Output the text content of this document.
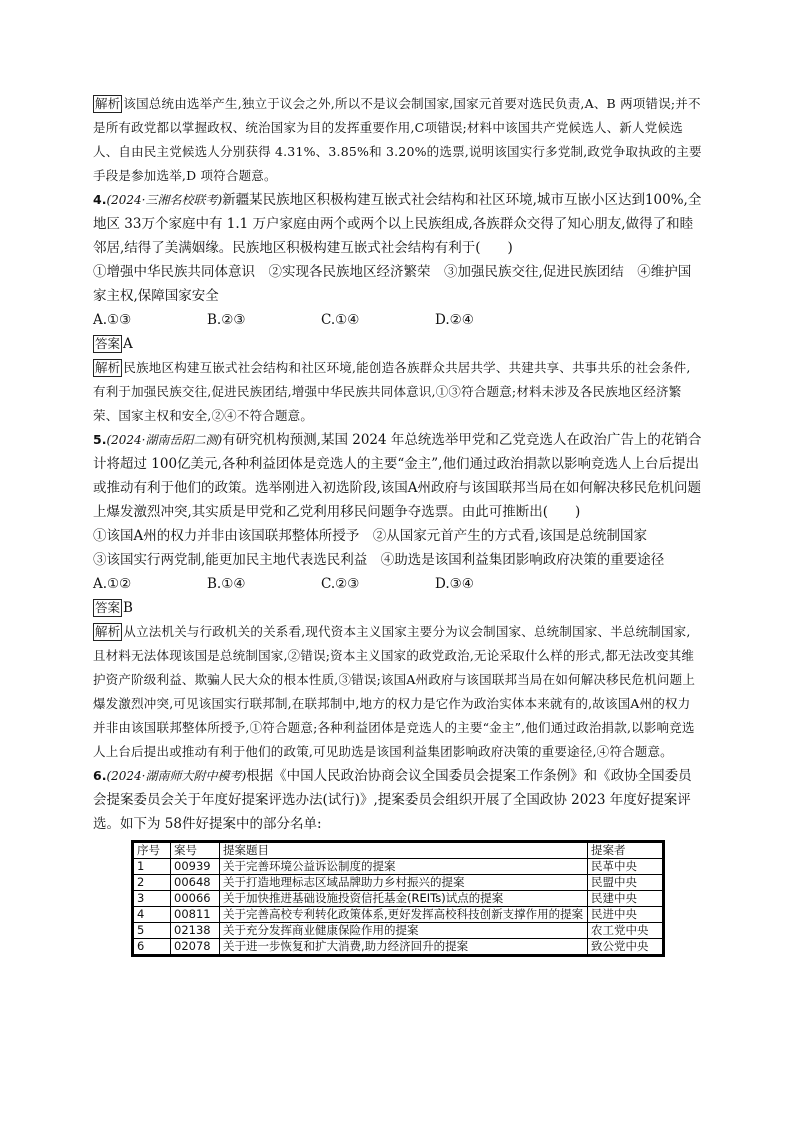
解析 该国总统由选举产生,独立于议会之外,所以不是议会制国家,国家元首要对选民负责,A、B 两项错误;并不是所有政党都以掌握政权、统治国家为目的发挥重要作用,C项错误;材料中该国共产党候选人、新人党候选人、自由民主党候选人分别获得 4.31%、3.85%和 3.20%的选票,说明该国实行多党制,政党争取执政的主要手段是参加选举,D 项符合题意。

4.(2024·三湘名校联考)新疆某民族地区积极构建互嵌式社会结构和社区环境,城市互嵌小区达到100%,全地区 33万个家庭中有 1.1 万户家庭由两个或两个以上民族组成,各族群众交得了知心朋友,做得了和睦邻居,结得了美满姻缘。民族地区积极构建互嵌式社会结构有利于(　　)

①增强中华民族共同体意识　②实现各民族地区经济繁荣　③加强民族交往,促进民族团结　④维护国家主权,保障国家安全

A.①③	B.②③	C.①④	D.②④

答案 A

解析 民族地区构建互嵌式社会结构和社区环境,能创造各族群众共居共学、共建共享、共事共乐的社会条件,有利于加强民族交往,促进民族团结,增强中华民族共同体意识,①③符合题意;材料未涉及各民族地区经济繁荣、国家主权和安全,②④不符合题意。

5.(2024·湖南岳阳二测)有研究机构预测,某国 2024 年总统选举甲党和乙党竞选人在政治广告上的花销合计将超过 100亿美元,各种利益团体是竞选人的主要“金主”,他们通过政治捐款以影响竞选人上台后提出或推动有利于他们的政策。选举刚进入初选阶段,该国A州政府与该国联邦当局在如何解决移民危机问题上爆发激烈冲突,其实质是甲党和乙党利用移民问题争夺选票。由此可推断出(　　)

①该国A州的权力并非由该国联邦整体所授予　②从国家元首产生的方式看,该国是总统制国家

③该国实行两党制,能更加民主地代表选民利益　④助选是该国利益集团影响政府决策的重要途径

A.①②	B.①④	C.②③	D.③④

答案 B

解析 从立法机关与行政机关的关系看,现代资本主义国家主要分为议会制国家、总统制国家、半总统制国家,且材料无法体现该国是总统制国家,②错误;资本主义国家的政党政治,无论采取什么样的形式,都无法改变其维护资产阶级利益、欺骗人民大众的根本性质,③错误;该国A州政府与该国联邦当局在如何解决移民危机问题上爆发激烈冲突,可见该国实行联邦制,在联邦制中,地方的权力是它作为政治实体本来就有的,故该国A州的权力并非由该国联邦整体所授予,①符合题意;各种利益团体是竞选人的主要“金主”,他们通过政治捐款,以影响竞选人上台后提出或推动有利于他们的政策,可见助选是该国利益集团影响政府决策的重要途径,④符合题意。

6.(2024·湖南师大附中模考)根据《中国人民政治协商会议全国委员会提案工作条例》和《政协全国委员会提案委员会关于年度好提案评选办法(试行)》,提案委员会组织开展了全国政协 2023 年度好提案评选。如下为 58件好提案中的部分名单:

序号	案号	提案题目	提案者
1	00939	关于完善环境公益诉讼制度的提案	民革中央
2	00648	关于打造地理标志区域品牌助力乡村振兴的提案	民盟中央
3	00066	关于加快推进基础设施投资信托基金(REITs)试点的提案	民建中央
4	00811	关于完善高校专利转化政策体系,更好发挥高校科技创新支撑作用的提案	民进中央
5	02138	关于充分发挥商业健康保险作用的提案	农工党中央
6	02078	关于进一步恢复和扩大消费,助力经济回升的提案	致公党中央
